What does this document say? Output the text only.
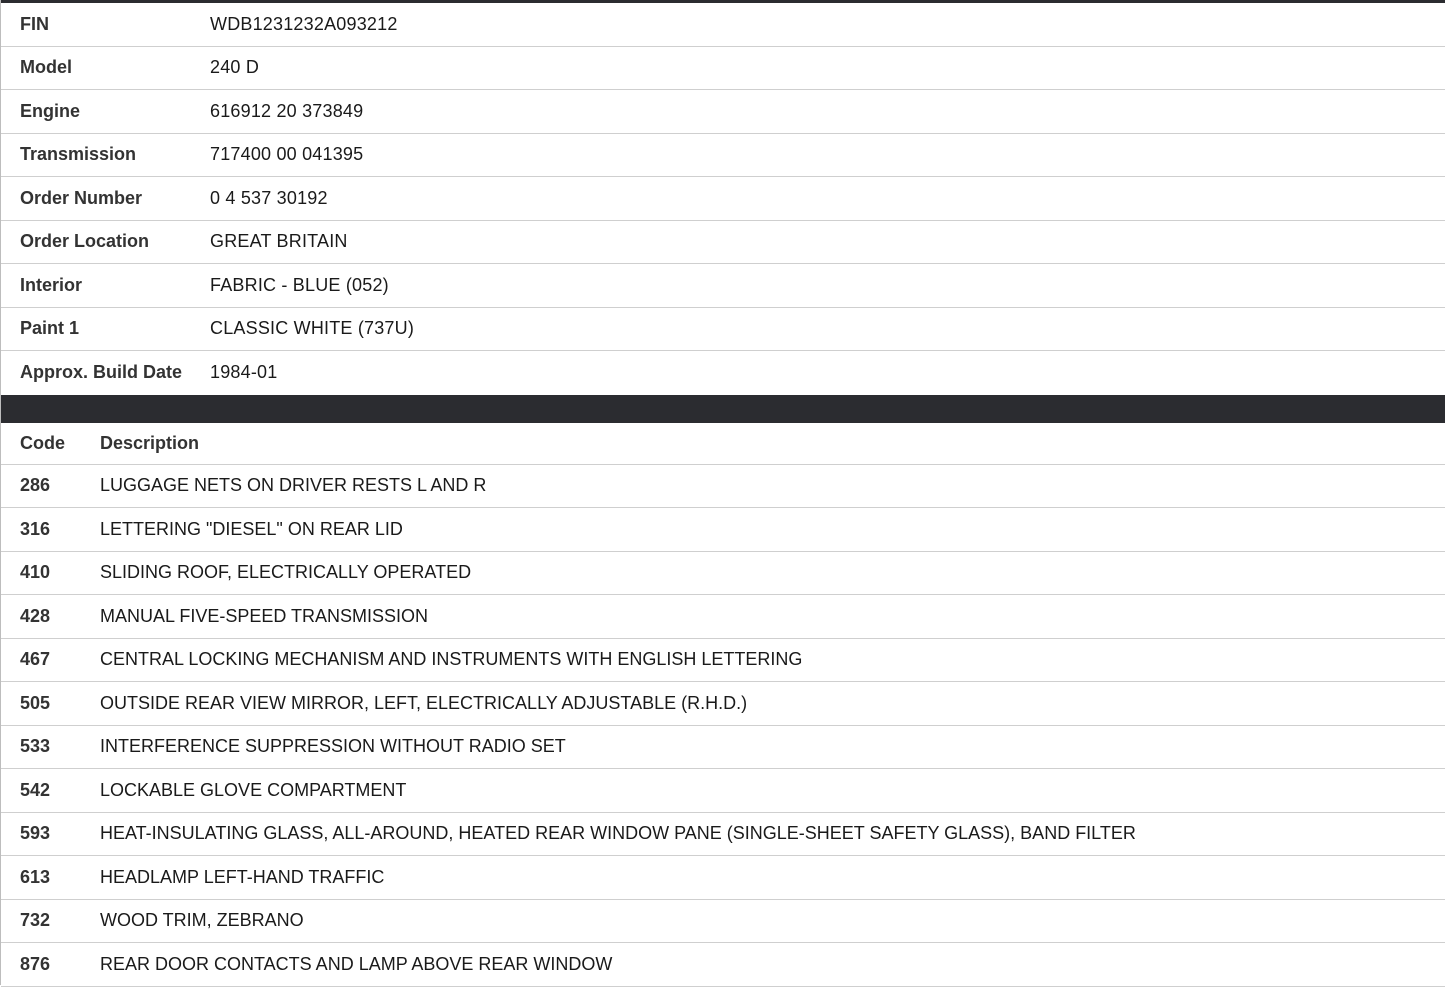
FIN	WDB1231232A093212
Model	240 D
Engine	616912 20 373849
Transmission	717400 00 041395
Order Number	0 4 537 30192
Order Location	GREAT BRITAIN
Interior	FABRIC - BLUE (052)
Paint 1	CLASSIC WHITE (737U)
Approx. Build Date	1984-01
Code	Description
286	LUGGAGE NETS ON DRIVER RESTS L AND R
316	LETTERING "DIESEL" ON REAR LID
410	SLIDING ROOF, ELECTRICALLY OPERATED
428	MANUAL FIVE-SPEED TRANSMISSION
467	CENTRAL LOCKING MECHANISM AND INSTRUMENTS WITH ENGLISH LETTERING
505	OUTSIDE REAR VIEW MIRROR, LEFT, ELECTRICALLY ADJUSTABLE (R.H.D.)
533	INTERFERENCE SUPPRESSION WITHOUT RADIO SET
542	LOCKABLE GLOVE COMPARTMENT
593	HEAT-INSULATING GLASS, ALL-AROUND, HEATED REAR WINDOW PANE (SINGLE-SHEET SAFETY GLASS), BAND FILTER
613	HEADLAMP LEFT-HAND TRAFFIC
732	WOOD TRIM, ZEBRANO
876	REAR DOOR CONTACTS AND LAMP ABOVE REAR WINDOW
